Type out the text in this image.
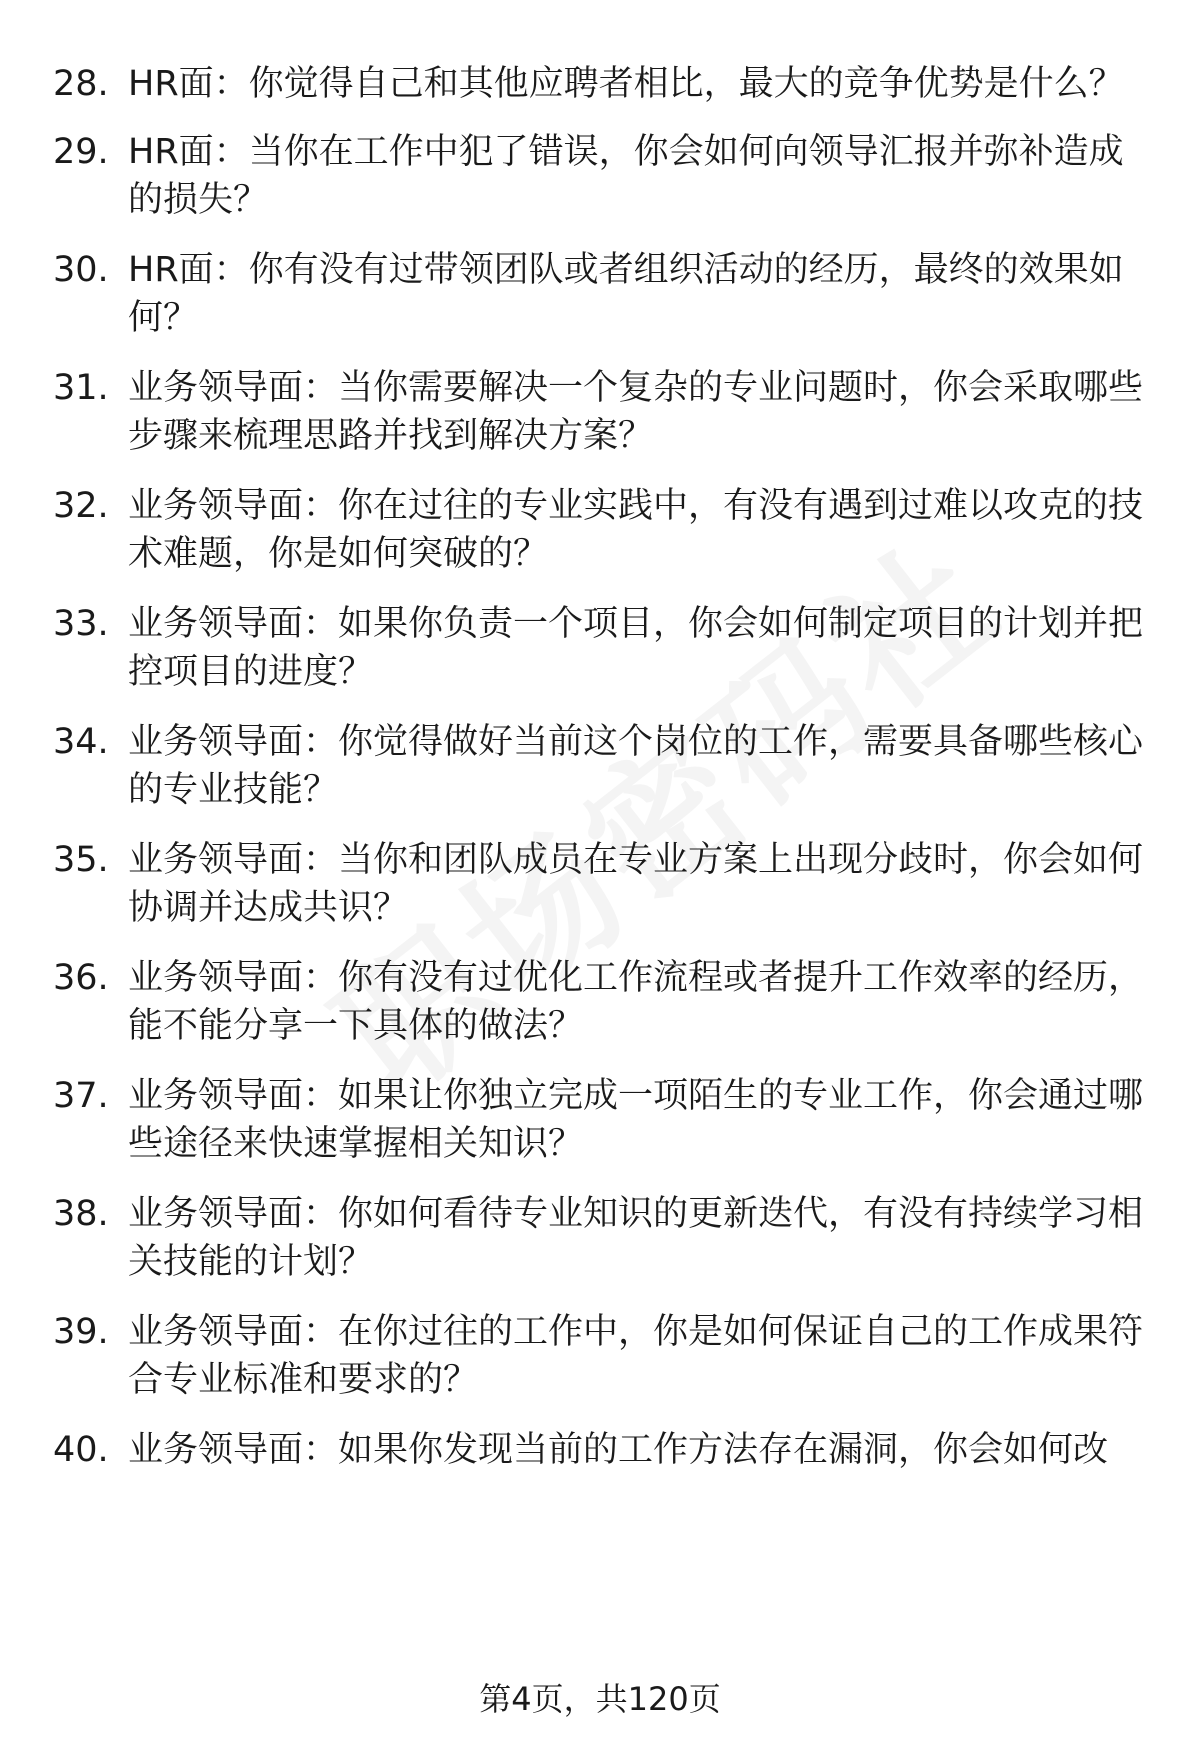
28. HR面：你觉得自己和其他应聘者相比，最大的竞争优势是什么？
29. HR面：当你在工作中犯了错误，你会如何向领导汇报并弥补造成的损失？
30. HR面：你有没有过带领团队或者组织活动的经历，最终的效果如何？
31. 业务领导面：当你需要解决一个复杂的专业问题时，你会采取哪些步骤来梳理思路并找到解决方案？
32. 业务领导面：你在过往的专业实践中，有没有遇到过难以攻克的技术难题，你是如何突破的？
33. 业务领导面：如果你负责一个项目，你会如何制定项目的计划并把控项目的进度？
34. 业务领导面：你觉得做好当前这个岗位的工作，需要具备哪些核心的专业技能？
35. 业务领导面：当你和团队成员在专业方案上出现分歧时，你会如何协调并达成共识？
36. 业务领导面：你有没有过优化工作流程或者提升工作效率的经历，能不能分享一下具体的做法？
37. 业务领导面：如果让你独立完成一项陌生的专业工作，你会通过哪些途径来快速掌握相关知识？
38. 业务领导面：你如何看待专业知识的更新迭代，有没有持续学习相关技能的计划？
39. 业务领导面：在你过往的工作中，你是如何保证自己的工作成果符合专业标准和要求的？
40. 业务领导面：如果你发现当前的工作方法存在漏洞，你会如何改
第4页，共120页
